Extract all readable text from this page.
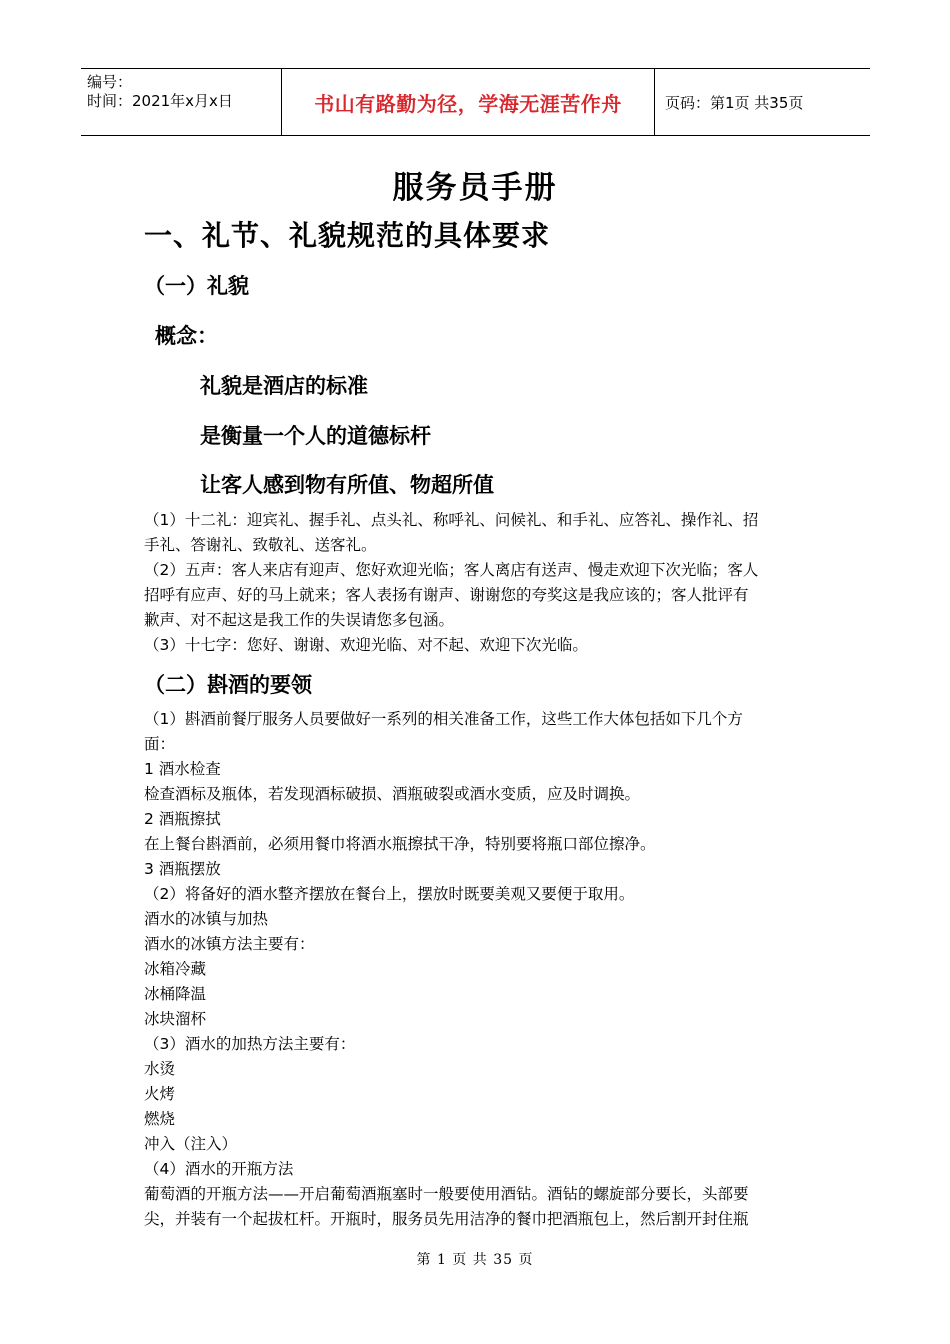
编号：
时间：2021年x月x日	书山有路勤为径，学海无涯苦作舟	页码：第1页 共35页
服务员手册
一、礼节、礼貌规范的具体要求
（一）礼貌
概念：
礼貌是酒店的标准
是衡量一个人的道德标杆
让客人感到物有所值、物超所值
（1）十二礼：迎宾礼、握手礼、点头礼、称呼礼、问候礼、和手礼、应答礼、操作礼、招
手礼、答谢礼、致敬礼、送客礼。
（2）五声：客人来店有迎声、您好欢迎光临；客人离店有送声、慢走欢迎下次光临；客人
招呼有应声、好的马上就来；客人表扬有谢声、谢谢您的夸奖这是我应该的；客人批评有
歉声、对不起这是我工作的失误请您多包涵。
（3）十七字：您好、谢谢、欢迎光临、对不起、欢迎下次光临。
（二）斟酒的要领
（1）斟酒前餐厅服务人员要做好一系列的相关准备工作，这些工作大体包括如下几个方
面：
1 酒水检查
检查酒标及瓶体，若发现酒标破损、酒瓶破裂或酒水变质，应及时调换。
2 酒瓶擦拭
在上餐台斟酒前，必须用餐巾将酒水瓶擦拭干净，特别要将瓶口部位擦净。
3 酒瓶摆放
（2）将备好的酒水整齐摆放在餐台上，摆放时既要美观又要便于取用。
酒水的冰镇与加热
酒水的冰镇方法主要有：
冰箱冷藏
冰桶降温
冰块溜杯
（3）酒水的加热方法主要有：
水烫
火烤
燃烧
冲入（注入）
（4）酒水的开瓶方法
葡萄酒的开瓶方法——开启葡萄酒瓶塞时一般要使用酒钻。酒钻的螺旋部分要长，头部要
尖，并装有一个起拔杠杆。开瓶时，服务员先用洁净的餐巾把酒瓶包上，然后割开封住瓶
第 1 页 共 35 页
